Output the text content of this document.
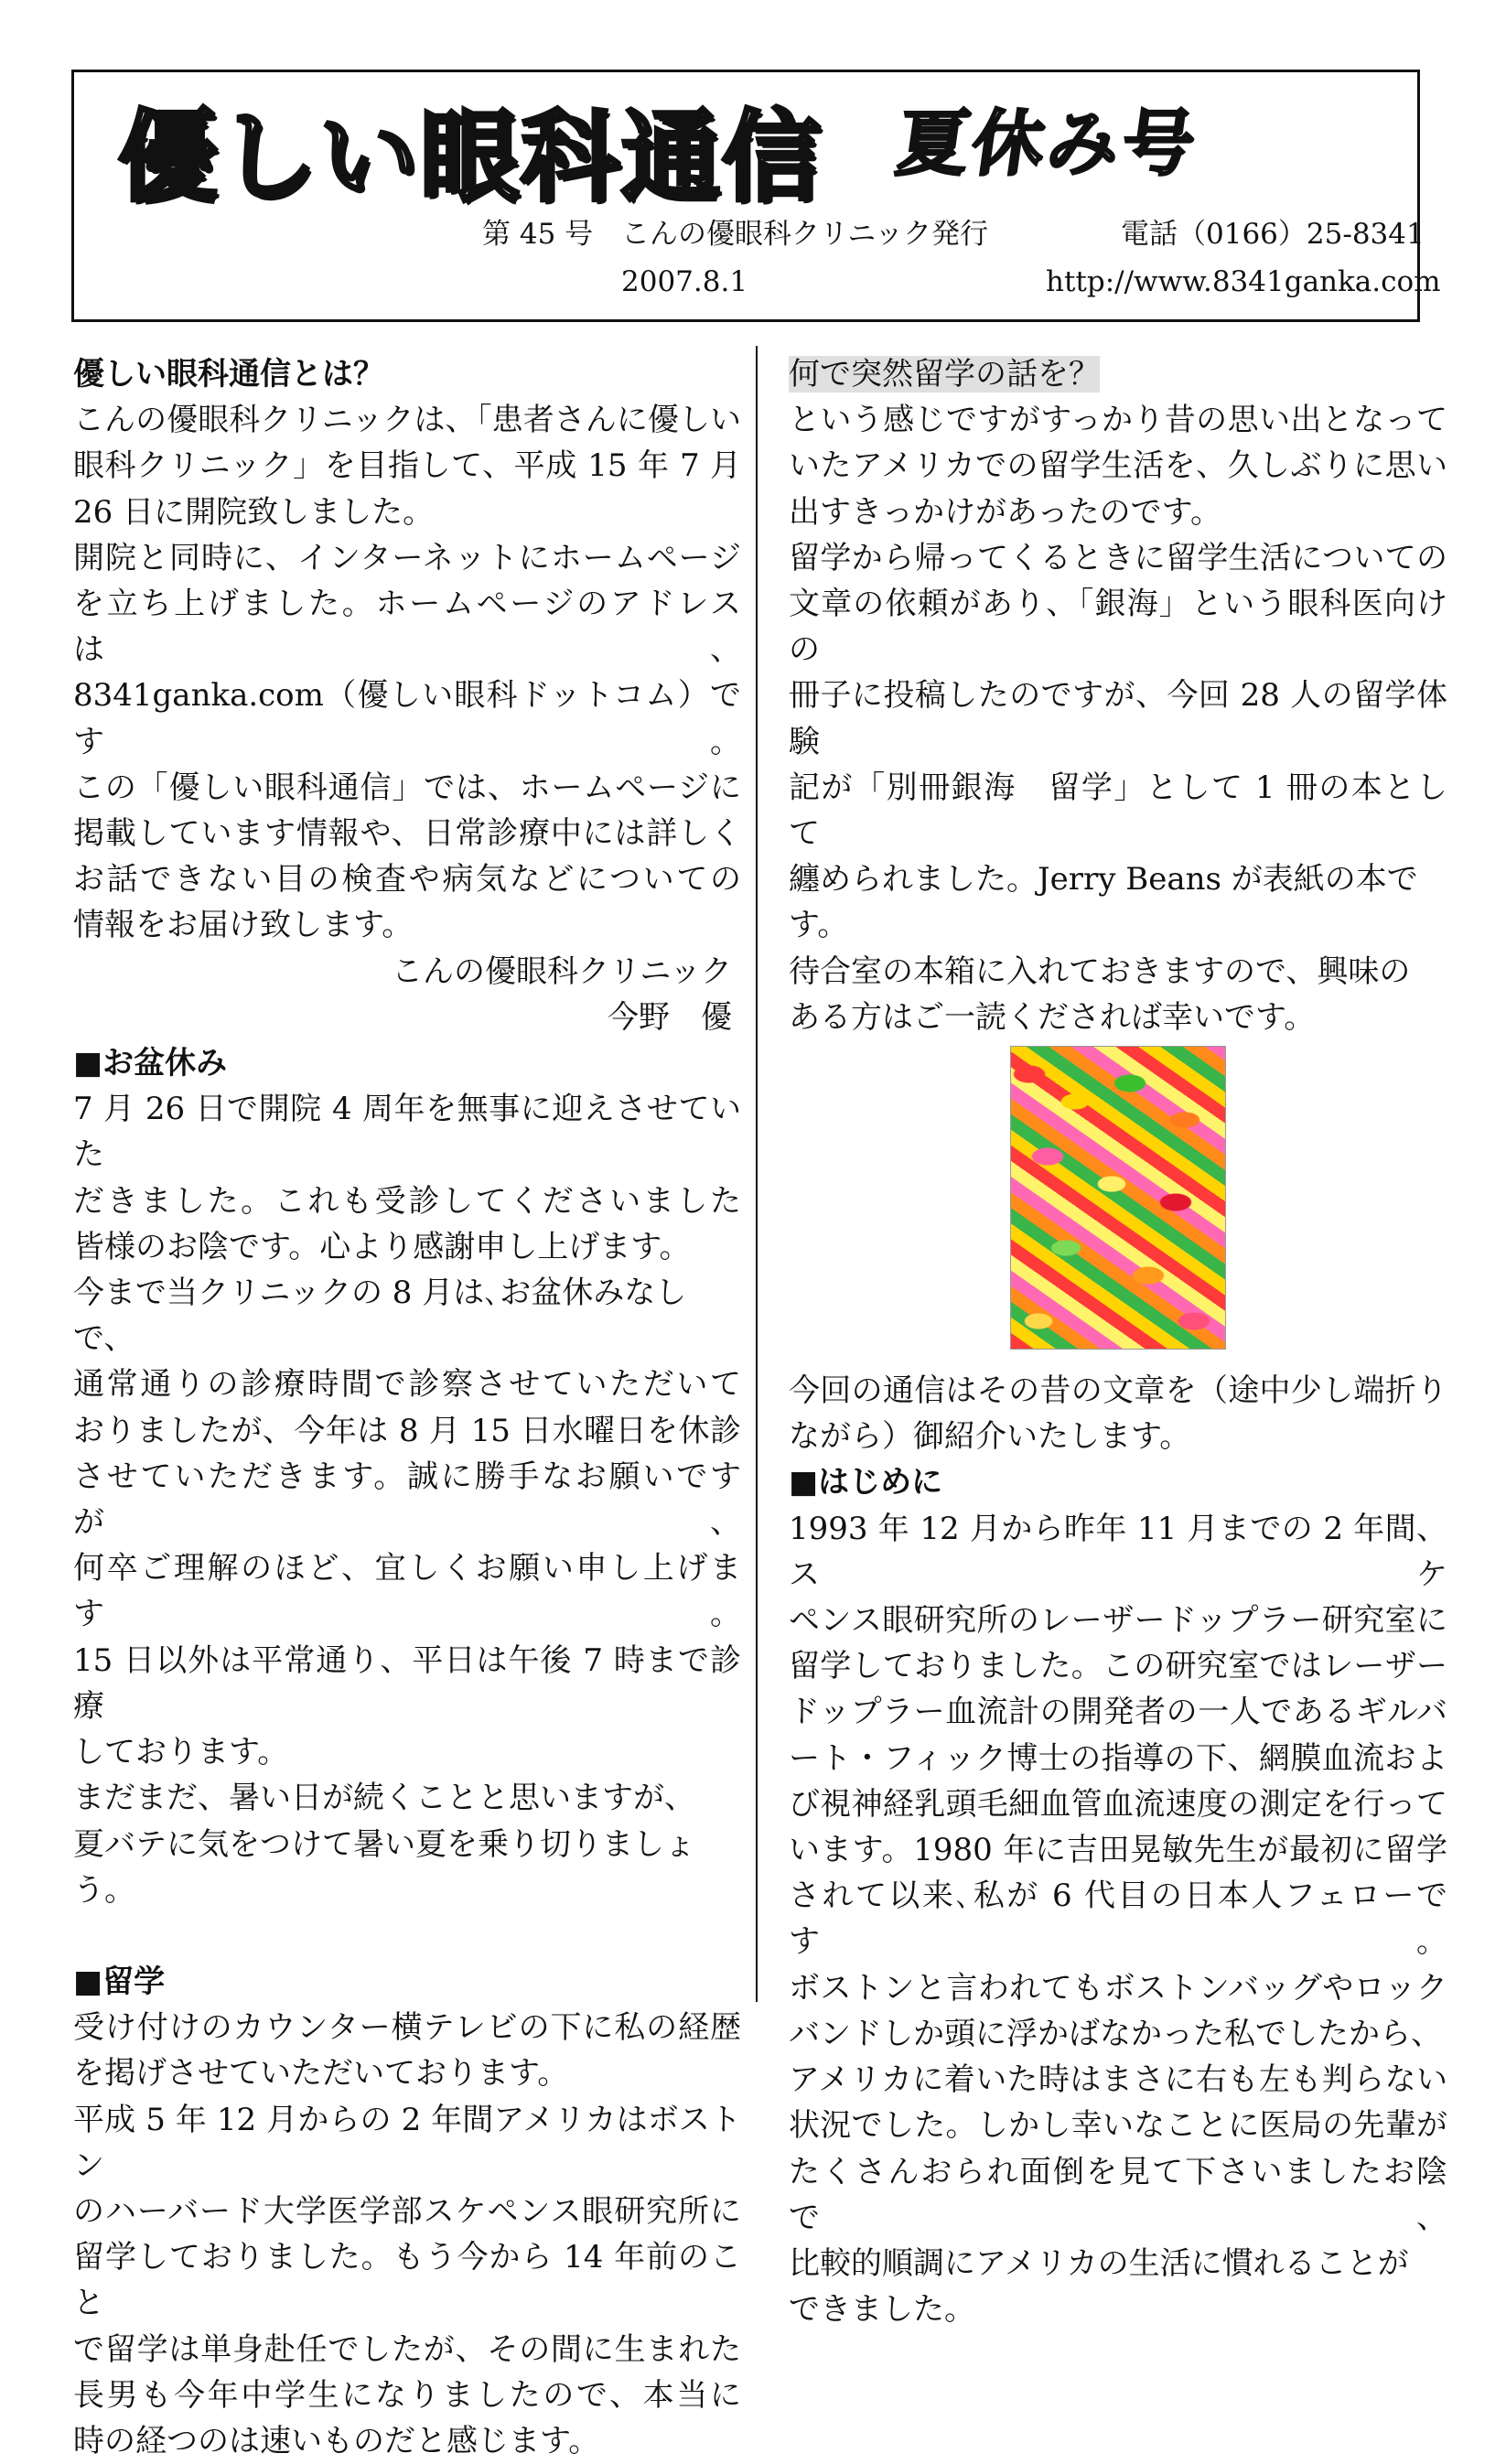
優しい眼科通信 夏休み号
第 45 号 こんの優眼科クリニック発行	電話（0166）25-8341
2007.8.1	http://www.8341ganka.com

優しい眼科通信とは？

こんの優眼科クリニックは、「患者さんに優しい

眼科クリニック」を目指して、平成 15 年 7 月

26 日に開院致しました。

開院と同時に、インターネットにホームページ

を立ち上げました。ホームページのアドレスは、

8341ganka.com（優しい眼科ドットコム）です。

この「優しい眼科通信」では、ホームページに

掲載しています情報や、日常診療中には詳しく

お話できない目の検査や病気などについての

情報をお届け致します。

こんの優眼科クリニック

今野　優

■お盆休み

7 月 26 日で開院 4 周年を無事に迎えさせていた

だきました。これも受診してくださいました

皆様のお陰です。心より感謝申し上げます。

今まで当クリニックの 8 月は､お盆休みなしで、

通常通りの診療時間で診察させていただいて

おりましたが、今年は 8 月 15 日水曜日を休診

させていただきます。誠に勝手なお願いですが、

何卒ご理解のほど、宜しくお願い申し上げます。

15 日以外は平常通り、平日は午後 7 時まで診療

しております。

まだまだ、暑い日が続くことと思いますが、

夏バテに気をつけて暑い夏を乗り切りましょう。

■留学

受け付けのカウンター横テレビの下に私の経歴

を掲げさせていただいております。

平成 5 年 12 月からの 2 年間アメリカはボストン

のハーバード大学医学部スケペンス眼研究所に

留学しておりました。もう今から 14 年前のこと

で留学は単身赴任でしたが、その間に生まれた

長男も今年中学生になりましたので、本当に

時の経つのは速いものだと感じます。

何で突然留学の話を？

という感じですがすっかり昔の思い出となって

いたアメリカでの留学生活を、久しぶりに思い

出すきっかけがあったのです。

留学から帰ってくるときに留学生活についての

文章の依頼があり、「銀海」という眼科医向けの

冊子に投稿したのですが、今回 28 人の留学体験

記が「別冊銀海　留学」として 1 冊の本として

纏められました。Jerry Beans が表紙の本です。

待合室の本箱に入れておきますので、興味の

ある方はご一読くだされば幸いです。

今回の通信はその昔の文章を（途中少し端折り

ながら）御紹介いたします。

■はじめに

1993 年 12 月から昨年 11 月までの 2 年間、スケ

ペンス眼研究所のレーザードップラー研究室に

留学しておりました。この研究室ではレーザー

ドップラー血流計の開発者の一人であるギルバ

ート・フィック博士の指導の下、網膜血流およ

び視神経乳頭毛細血管血流速度の測定を行って

います。1980 年に吉田晃敏先生が最初に留学

されて以来､私が 6 代目の日本人フェローです。

ボストンと言われてもボストンバッグやロック

バンドしか頭に浮かばなかった私でしたから、

アメリカに着いた時はまさに右も左も判らない

状況でした。しかし幸いなことに医局の先輩が

たくさんおられ面倒を見て下さいましたお陰で、

比較的順調にアメリカの生活に慣れることが

できました。
